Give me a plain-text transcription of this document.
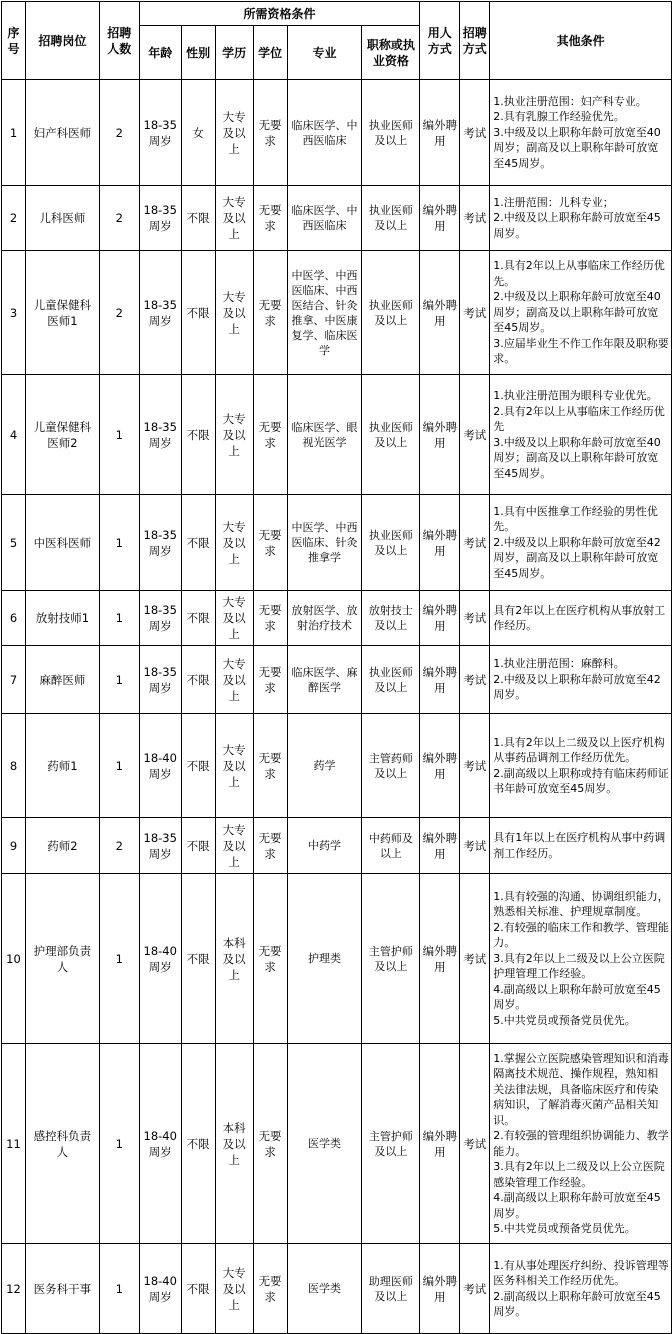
序号	招聘岗位	招聘人数	所需资格条件						用人方式	招聘方式	其他条件
			年龄	性别	学历	学位	专业	职称或执业资格			
1	妇产科医师	2	18-35周岁	女	大专及以上	无要求	临床医学、中西医临床	执业医师及以上	编外聘用	考试	1.执业注册范围：妇产科专业。
2.具有乳腺工作经验优先。
3.中级及以上职称年龄可放宽至40周岁；副高及以上职称年龄可放宽至45周岁。
2	儿科医师	2	18-35周岁	不限	大专及以上	无要求	临床医学、中西医临床	执业医师及以上	编外聘用	考试	1.注册范围：儿科专业；
2.中级及以上职称年龄可放宽至45周岁。
3	儿童保健科医师1	2	18-35周岁	不限	大专及以上	无要求	中医学、中西医临床、中西医结合、针灸推拿、中医康复学、临床医学	执业医师及以上	编外聘用	考试	1.具有2年以上从事临床工作经历优先。
2.中级及以上职称年龄可放宽至40周岁；副高及以上职称年龄可放宽至45周岁。
3.应届毕业生不作工作年限及职称要求。
4	儿童保健科医师2	1	18-35周岁	不限	大专及以上	无要求	临床医学、眼视光医学	执业医师及以上	编外聘用	考试	1.执业注册范围为眼科专业优先。
2.具有2年以上从事临床工作经历优先
3.中级及以上职称年龄可放宽至40周岁；副高及以上职称年龄可放宽至45周岁。
5	中医科医师	1	18-35周岁	不限	大专及以上	无要求	中医学、中西医临床、针灸推拿学	执业医师及以上	编外聘用	考试	1.具有中医推拿工作经验的男性优先。
2.中级及以上职称年龄可放宽至42周岁，副高及以上职称年龄可放宽至45周岁。
6	放射技师1	1	18-35周岁	不限	大专及以上	无要求	放射医学、放射治疗技术	放射技士及以上	编外聘用	考试	具有2年以上在医疗机构从事放射工作经历。
7	麻醉医师	1	18-35周岁	不限	大专及以上	无要求	临床医学、麻醉医学	执业医师及以上	编外聘用	考试	1.执业注册范围：麻醉科。
2.中级及以上职称年龄可放宽至42周岁。
8	药师1	1	18-40周岁	不限	大专及以上	无要求	药学	主管药师及以上	编外聘用	考试	1.具有2年以上二级及以上医疗机构从事药品调剂工作经历优先。
2.副高级以上职称或持有临床药师证书年龄可放宽至45周岁。
9	药师2	2	18-35周岁	不限	大专及以上	无要求	中药学	中药师及以上	编外聘用	考试	具有1年以上在医疗机构从事中药调剂工作经历。
10	护理部负责人	1	18-40周岁	不限	本科及以上	无要求	护理类	主管护师及以上	编外聘用	考试	1.具有较强的沟通、协调组织能力，熟悉相关标准、护理规章制度。
2.有较强的临床工作和教学、管理能力。
3.具有2年以上二级及以上公立医院护理管理工作经验。
4.副高级以上职称年龄可放宽至45周岁。
5.中共党员或预备党员优先。
11	感控科负责人	1	18-40周岁	不限	本科及以上	无要求	医学类	主管护师及以上	编外聘用	考试	1.掌握公立医院感染管理知识和消毒隔离技术规范、操作规程，熟知相关法律法规，具备临床医疗和传染病知识，了解消毒灭菌产品相关知识。
2.有较强的管理组织协调能力、教学能力。
3.具有2年以上二级及以上公立医院感染管理工作经验。
4.副高级以上职称年龄可放宽至45周岁。
5.中共党员或预备党员优先。
12	医务科干事	1	18-40周岁	不限	大专及以上	无要求	医学类	助理医师及以上	编外聘用	考试	1.有从事处理医疗纠纷、投诉管理等医务科相关工作经历优先。
2.副高级以上职称年龄可放宽至45周岁。
